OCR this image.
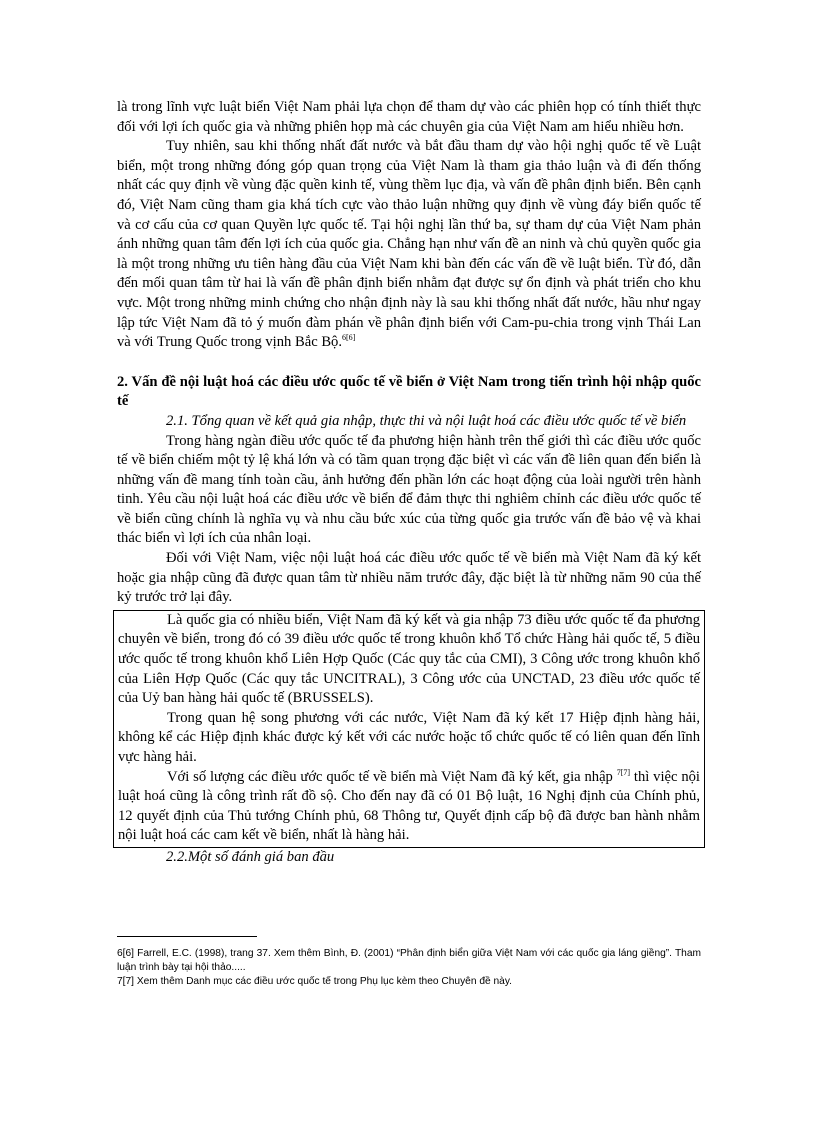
là trong lĩnh vực luật biển Việt Nam phải lựa chọn để tham dự vào các phiên họp có tính thiết thực đối với lợi ích quốc gia và những phiên họp mà các chuyên gia của Việt Nam am hiểu nhiều hơn.

Tuy nhiên, sau khi thống nhất đất nước và bắt đầu tham dự vào hội nghị quốc tế về Luật biển, một trong những đóng góp quan trọng của Việt Nam là tham gia thảo luận và đi đến thống nhất các quy định về vùng đặc quền kinh tế, vùng thềm lục địa, và vấn đề phân định biển. Bên cạnh đó, Việt Nam cũng tham gia khá tích cực vào thảo luận những quy định về vùng đáy biển quốc tế và cơ cấu của cơ quan Quyền lực quốc tế. Tại hội nghị lần thứ ba, sự tham dự của Việt Nam phản ánh những quan tâm đến lợi ích của quốc gia. Chẳng hạn như vấn đề an ninh và chủ quyền quốc gia là một trong những ưu tiên hàng đầu của Việt Nam khi bàn đến các vấn đề về luật biển. Từ đó, dẫn đến mối quan tâm từ hai là vấn đề phân định biển nhằm đạt được sự ổn định và phát triển cho khu vực. Một trong những minh chứng cho nhận định này là sau khi thống nhất đất nước, hầu như ngay lập tức Việt Nam đã tỏ ý muốn đàm phán về phân định biển với Cam-pu-chia trong vịnh Thái Lan và với Trung Quốc trong vịnh Bắc Bộ.$^{6[6]}$

2. Vấn đề nội luật hoá các điều ước quốc tế về biển ở Việt Nam trong tiến trình hội nhập quốc tế

2.1. Tổng quan về kết quả gia nhập, thực thi và nội luật hoá các điều ước quốc tế về biển

Trong hàng ngàn điều ước quốc tế đa phương hiện hành trên thế giới thì các điều ước quốc tế về biển chiếm một tỷ lệ khá lớn và có tầm quan trọng đặc biệt vì các vấn đề liên quan đến biển là những vấn đề mang tính toàn cầu, ảnh hưởng đến phần lớn các hoạt động của loài người trên hành tinh. Yêu cầu nội luật hoá các điều ước về biển để đảm thực thi nghiêm chỉnh các điều ước quốc tế về biển cũng chính là nghĩa vụ và nhu cầu bức xúc của từng quốc gia trước vấn đề bảo vệ và khai thác biển vì lợi ích của nhân loại.

Đối với Việt Nam, việc nội luật hoá các điều ước quốc tế về biển mà Việt Nam đã ký kết hoặc gia nhập cũng đã được quan tâm từ nhiều năm trước đây, đặc biệt là từ những năm 90 của thế kỷ trước trở lại đây.

Là quốc gia có nhiều biển, Việt Nam đã ký kết và gia nhập 73 điều ước quốc tế đa phương chuyên về biển, trong đó có 39 điều ước quốc tế trong khuôn khổ Tổ chức Hàng hải quốc tế, 5 điều ước quốc tế trong khuôn khổ Liên Hợp Quốc (Các quy tắc của CMI), 3 Công ước trong khuôn khổ của Liên Hợp Quốc (Các quy tắc UNCITRAL), 3 Công ước của UNCTAD, 23 điều ước quốc tế của Uỷ ban hàng hải quốc tế (BRUSSELS).

Trong quan hệ song phương với các nước, Việt Nam đã ký kết 17 Hiệp định hàng hải, không kể các Hiệp định khác được ký kết với các nước hoặc tổ chức quốc tế có liên quan đến lĩnh vực hàng hải.

Với số lượng các điều ước quốc tế về biển mà Việt Nam đã ký kết, gia nhập $^{7[7]}$ thì việc nội luật hoá cũng là công trình rất đồ sộ. Cho đến nay đã có 01 Bộ luật, 16 Nghị định của Chính phủ, 12 quyết định của Thủ tướng Chính phủ, 68 Thông tư, Quyết định cấp bộ đã được ban hành nhằm nội luật hoá các cam kết về biển, nhất là hàng hải.

2.2.Một số đánh giá ban đầu

6[6] Farrell, E.C. (1998), trang 37. Xem thêm Bình, Đ. (2001) “Phân định biển giữa Việt Nam với các quốc gia láng giềng”. Tham luận trình bày tại hội thảo.....

7[7] Xem thêm Danh mục các điều ước quốc tế trong Phụ lục kèm theo Chuyên đề này.
